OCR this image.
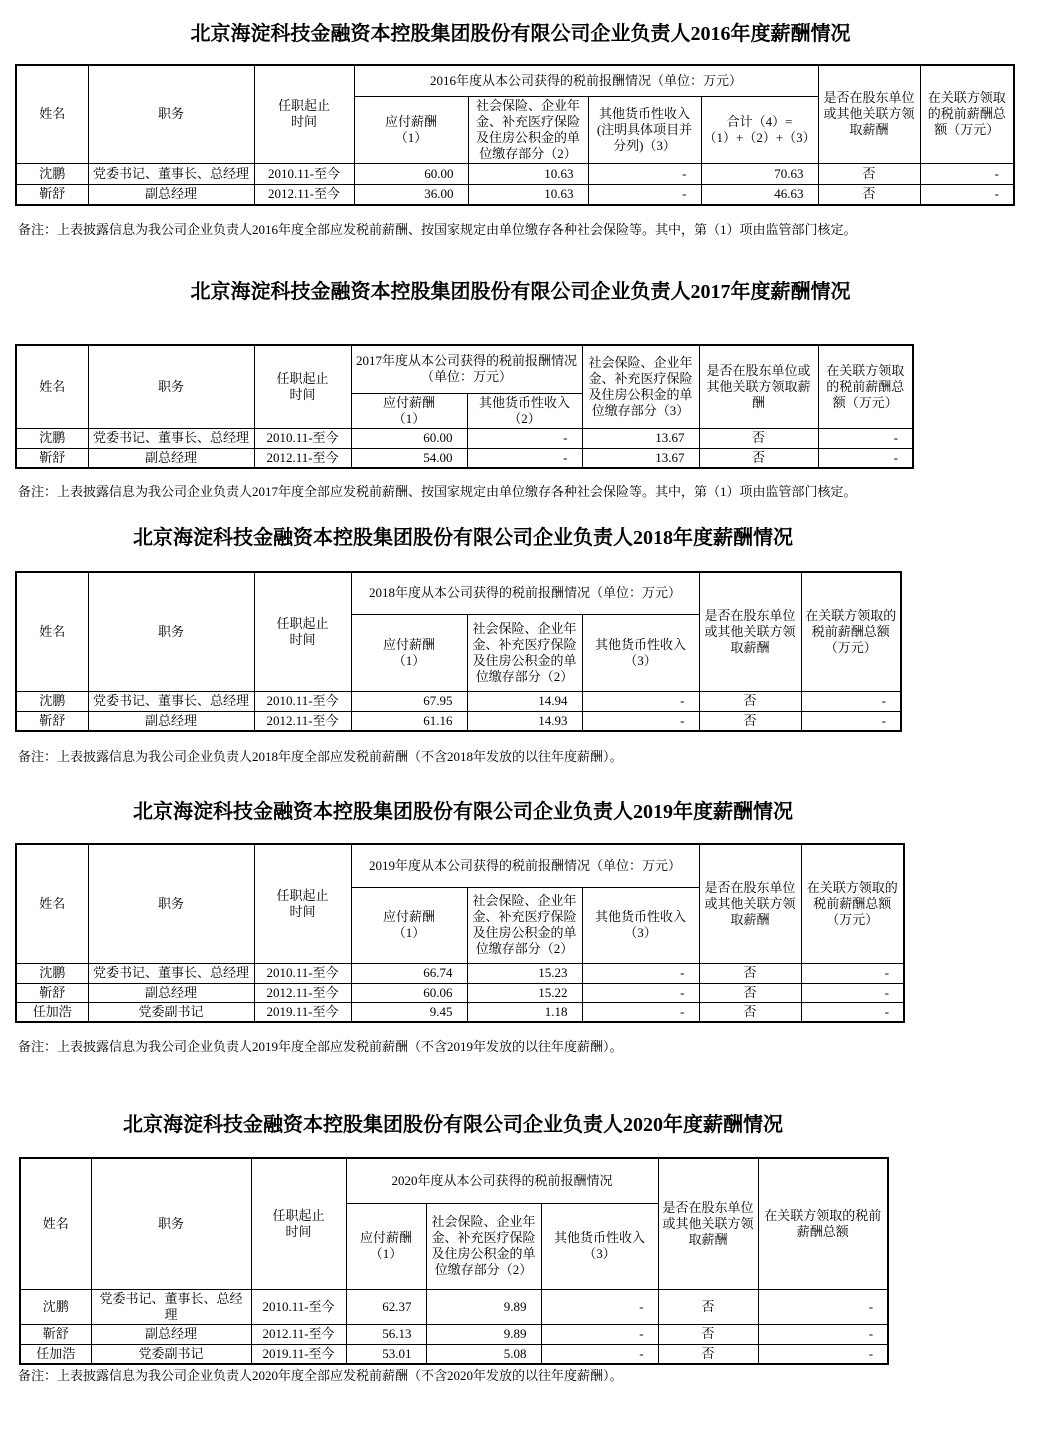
北京海淀科技金融资本控股集团股份有限公司企业负责人2016年度薪酬情况
姓名	职务	任职起止时间	2016年度从本公司获得的税前报酬情况（单位：万元）				是否在股东单位或其他关联方领取薪酬	在关联方领取的税前薪酬总额（万元）
			应付薪酬（1）	社会保险、企业年金、补充医疗保险及住房公积金的单位缴存部分（2）	其他货币性收入(注明具体项目并分列)（3）	合计（4）=（1）+（2）+（3）		
沈鹏	党委书记、董事长、总经理	2010.11-至今	60.00	10.63	-	70.63	否	-
靳舒	副总经理	2012.11-至今	36.00	10.63	-	46.63	否	-
备注：上表披露信息为我公司企业负责人2016年度全部应发税前薪酬、按国家规定由单位缴存各种社会保险等。其中，第（1）项由监管部门核定。
北京海淀科技金融资本控股集团股份有限公司企业负责人2017年度薪酬情况
姓名	职务	任职起止时间	2017年度从本公司获得的税前报酬情况（单位：万元）		社会保险、企业年金、补充医疗保险及住房公积金的单位缴存部分（3）	是否在股东单位或其他关联方领取薪酬	在关联方领取的税前薪酬总额（万元）
			应付薪酬（1）	其他货币性收入（2）			
沈鹏	党委书记、董事长、总经理	2010.11-至今	60.00	-	13.67	否	-
靳舒	副总经理	2012.11-至今	54.00	-	13.67	否	-
备注：上表披露信息为我公司企业负责人2017年度全部应发税前薪酬、按国家规定由单位缴存各种社会保险等。其中，第（1）项由监管部门核定。
北京海淀科技金融资本控股集团股份有限公司企业负责人2018年度薪酬情况
姓名	职务	任职起止时间	2018年度从本公司获得的税前报酬情况（单位：万元）			是否在股东单位或其他关联方领取薪酬	在关联方领取的税前薪酬总额（万元）
			应付薪酬（1）	社会保险、企业年金、补充医疗保险及住房公积金的单位缴存部分（2）	其他货币性收入（3）		
沈鹏	党委书记、董事长、总经理	2010.11-至今	67.95	14.94	-	否	-
靳舒	副总经理	2012.11-至今	61.16	14.93	-	否	-
备注：上表披露信息为我公司企业负责人2018年度全部应发税前薪酬（不含2018年发放的以往年度薪酬）。
北京海淀科技金融资本控股集团股份有限公司企业负责人2019年度薪酬情况
姓名	职务	任职起止时间	2019年度从本公司获得的税前报酬情况（单位：万元）			是否在股东单位或其他关联方领取薪酬	在关联方领取的税前薪酬总额（万元）
			应付薪酬（1）	社会保险、企业年金、补充医疗保险及住房公积金的单位缴存部分（2）	其他货币性收入（3）		
沈鹏	党委书记、董事长、总经理	2010.11-至今	66.74	15.23	-	否	-
靳舒	副总经理	2012.11-至今	60.06	15.22	-	否	-
任加浩	党委副书记	2019.11-至今	9.45	1.18	-	否	-
备注：上表披露信息为我公司企业负责人2019年度全部应发税前薪酬（不含2019年发放的以往年度薪酬）。
北京海淀科技金融资本控股集团股份有限公司企业负责人2020年度薪酬情况
姓名	职务	任职起止时间	2020年度从本公司获得的税前报酬情况			是否在股东单位或其他关联方领取薪酬	在关联方领取的税前薪酬总额
			应付薪酬（1）	社会保险、企业年金、补充医疗保险及住房公积金的单位缴存部分（2）	其他货币性收入（3）		
沈鹏	党委书记、董事长、总经理	2010.11-至今	62.37	9.89	-	否	-
靳舒	副总经理	2012.11-至今	56.13	9.89	-	否	-
任加浩	党委副书记	2019.11-至今	53.01	5.08	-	否	-
备注：上表披露信息为我公司企业负责人2020年度全部应发税前薪酬（不含2020年发放的以往年度薪酬）。
